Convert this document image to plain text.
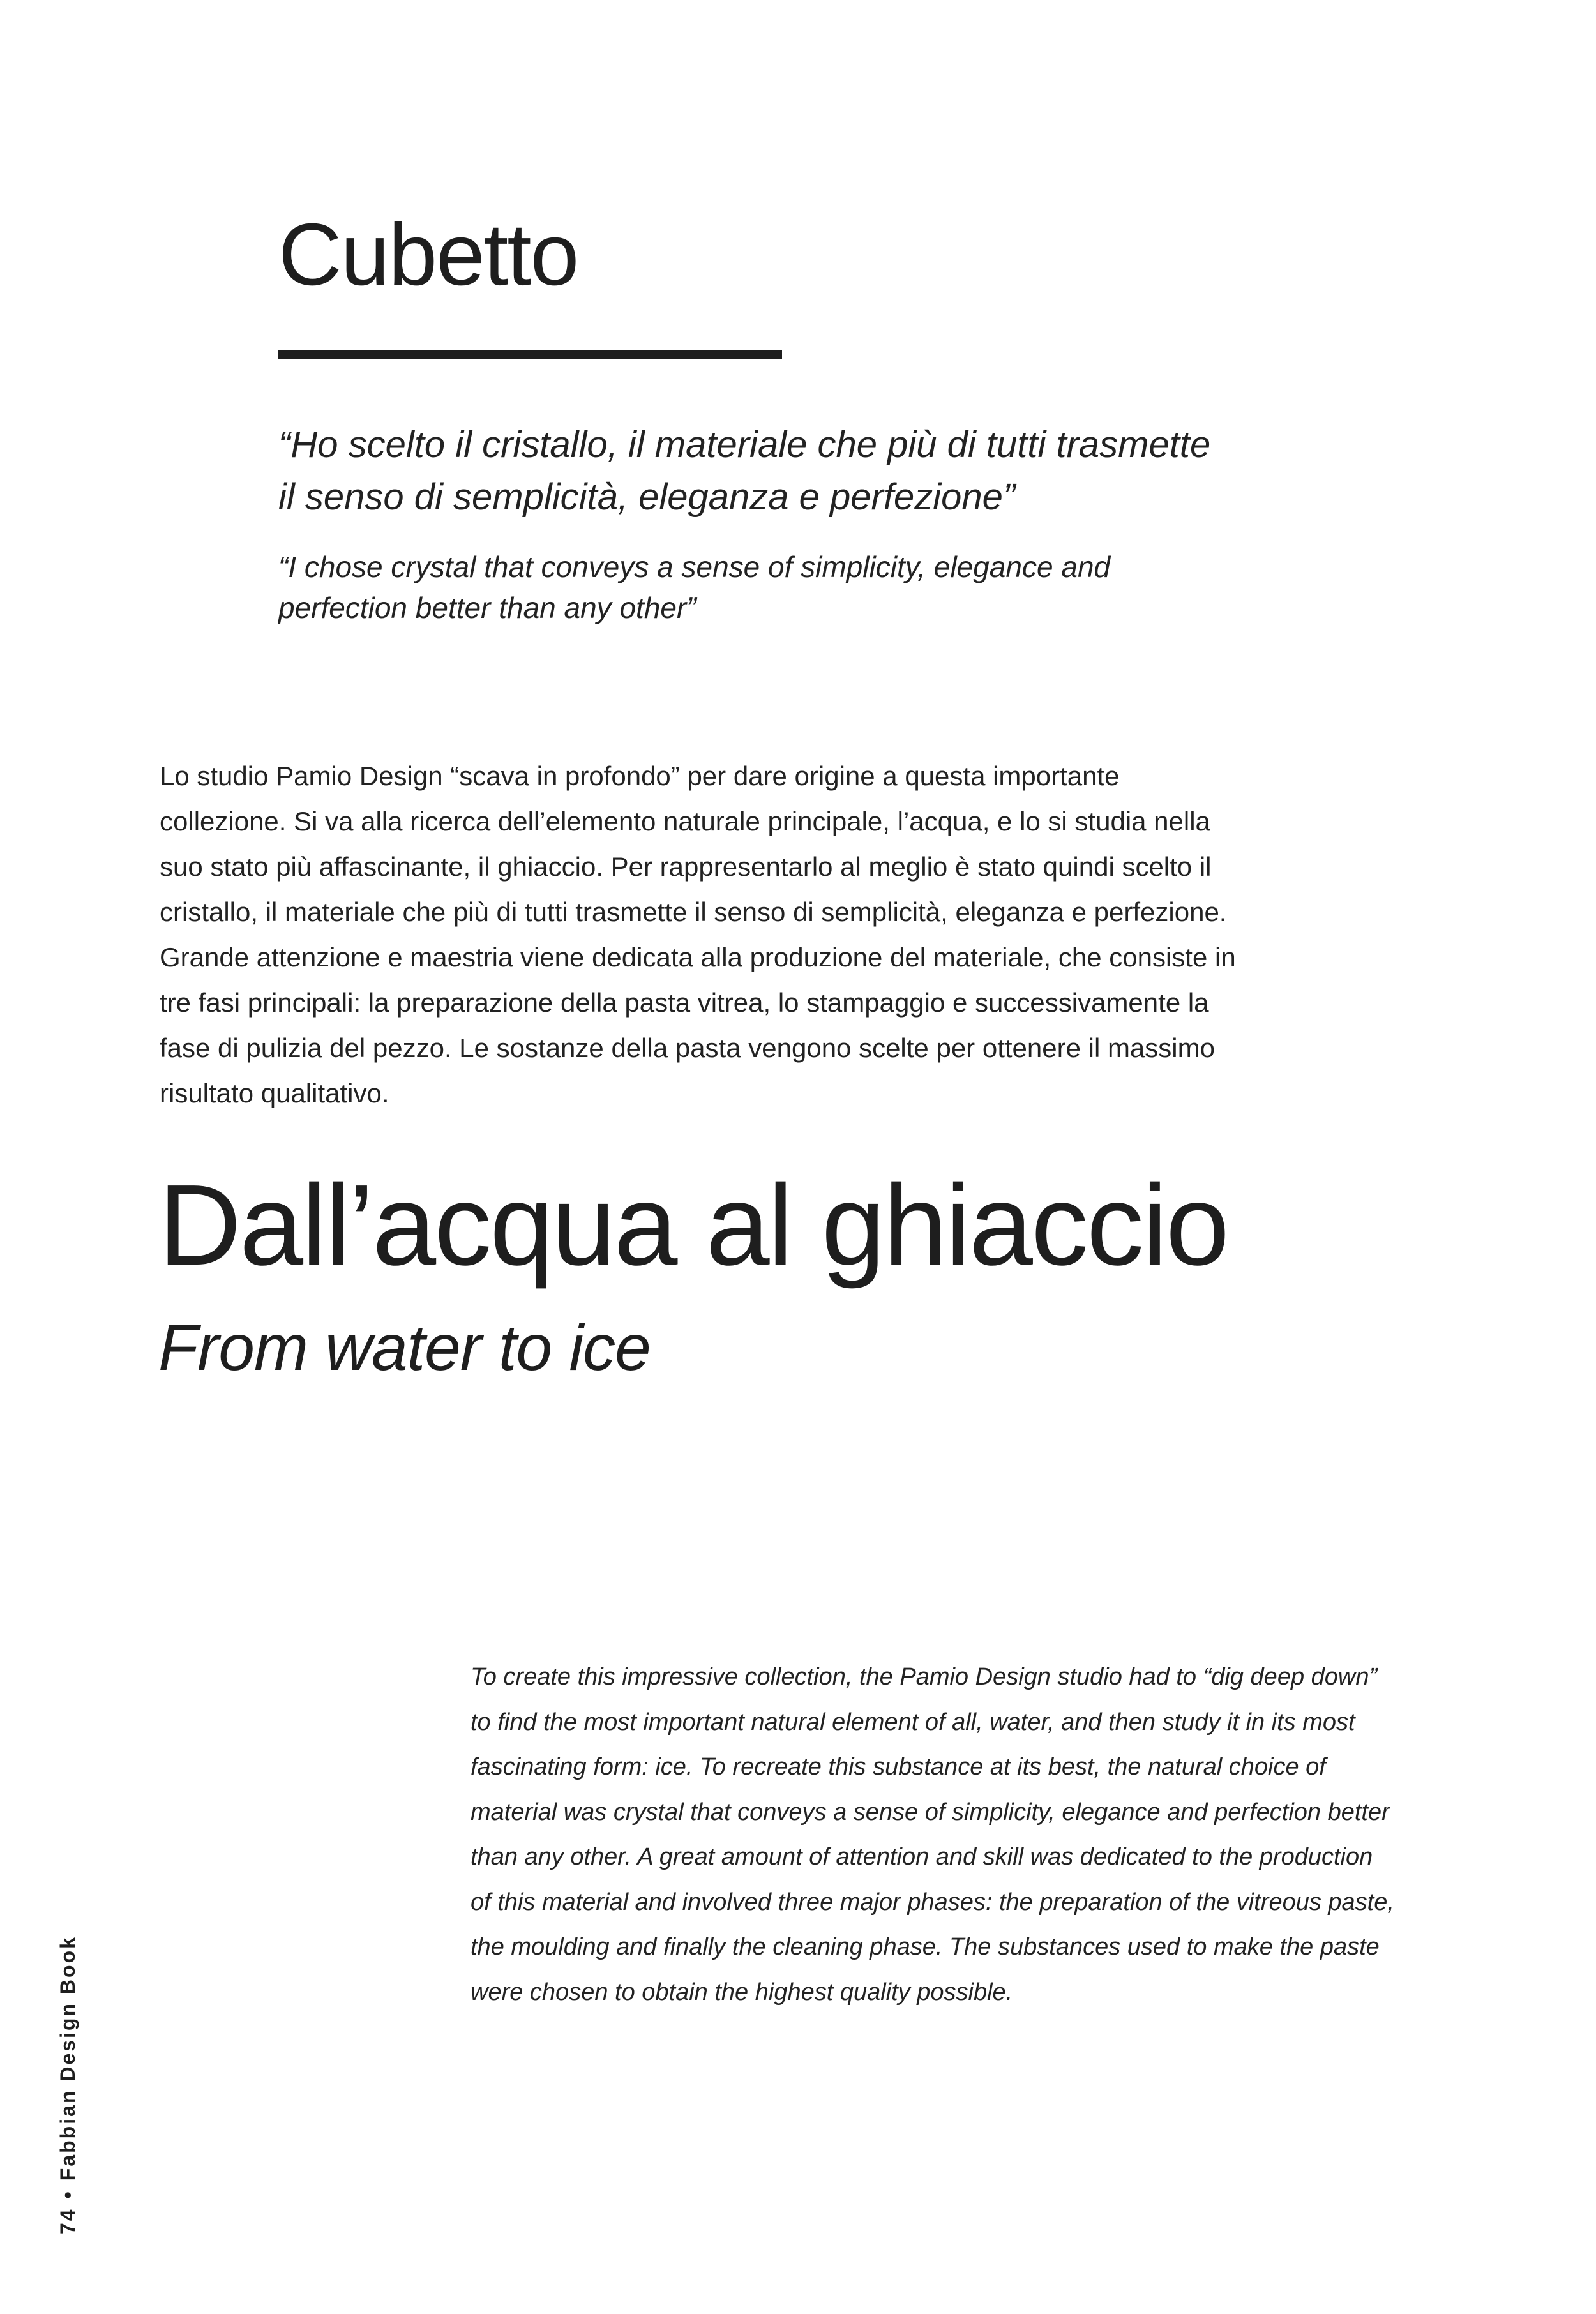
Cubetto

“Ho scelto il cristallo, il materiale che più di tutti trasmette
il senso di semplicità, eleganza e perfezione”

“I chose crystal that conveys a sense of simplicity, elegance and
perfection better than any other”

Lo studio Pamio Design “scava in profondo” per dare origine a questa importante
collezione. Si va alla ricerca dell’elemento naturale principale, l’acqua, e lo si studia nella
suo stato più affascinante, il ghiaccio. Per rappresentarlo al meglio è stato quindi scelto il
cristallo, il materiale che più di tutti trasmette il senso di semplicità, eleganza e perfezione.
Grande attenzione e maestria viene dedicata alla produzione del materiale, che consiste in
tre fasi principali: la preparazione della pasta vitrea, lo stampaggio e successivamente la
fase di pulizia del pezzo. Le sostanze della pasta vengono scelte per ottenere il massimo
risultato qualitativo.

Dall’acqua al ghiaccio
From water to ice

To create this impressive collection, the Pamio Design studio had to “dig deep down”
to find the most important natural element of all, water, and then study it in its most
fascinating form: ice. To recreate this substance at its best, the natural choice of
material was crystal that conveys a sense of simplicity, elegance and perfection better
than any other. A great amount of attention and skill was dedicated to the production
of this material and involved three major phases: the preparation of the vitreous paste,
the moulding and finally the cleaning phase. The substances used to make the paste
were chosen to obtain the highest quality possible.

74•Fabbian Design Book
